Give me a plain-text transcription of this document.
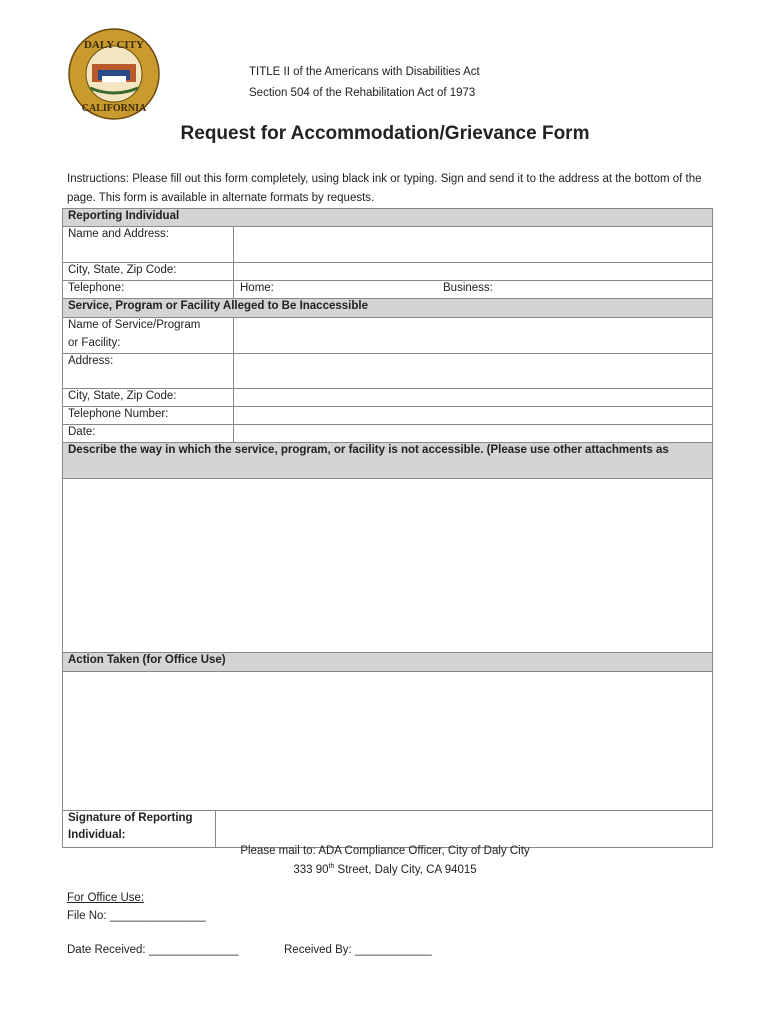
DALY CITY
CALIFORNIA
TITLE II of the Americans with Disabilities Act
Section 504 of the Rehabilitation Act of 1973
Request for Accommodation/Grievance Form
Instructions: Please fill out this form completely, using black ink or typing. Sign and send it to the address at the bottom of the page. This form is available in alternate formats by requests.
Reporting Individual
Name and Address:
City, State, Zip Code:
Telephone:	Home:	Business:
Service, Program or Facility Alleged to Be Inaccessible
Name of Service/Program
or Facility:
Address:
City, State, Zip Code:
Telephone Number:
Date:
Describe the way in which the service, program, or facility is not accessible. (Please use other attachments as
Action Taken (for Office Use)
Signature of Reporting
Individual:
Please mail to: ADA Compliance Officer, City of Daly City
333 90th Street, Daly City, CA 94015
For Office Use:
File No: _______________
Date Received: ______________	Received By: ____________
